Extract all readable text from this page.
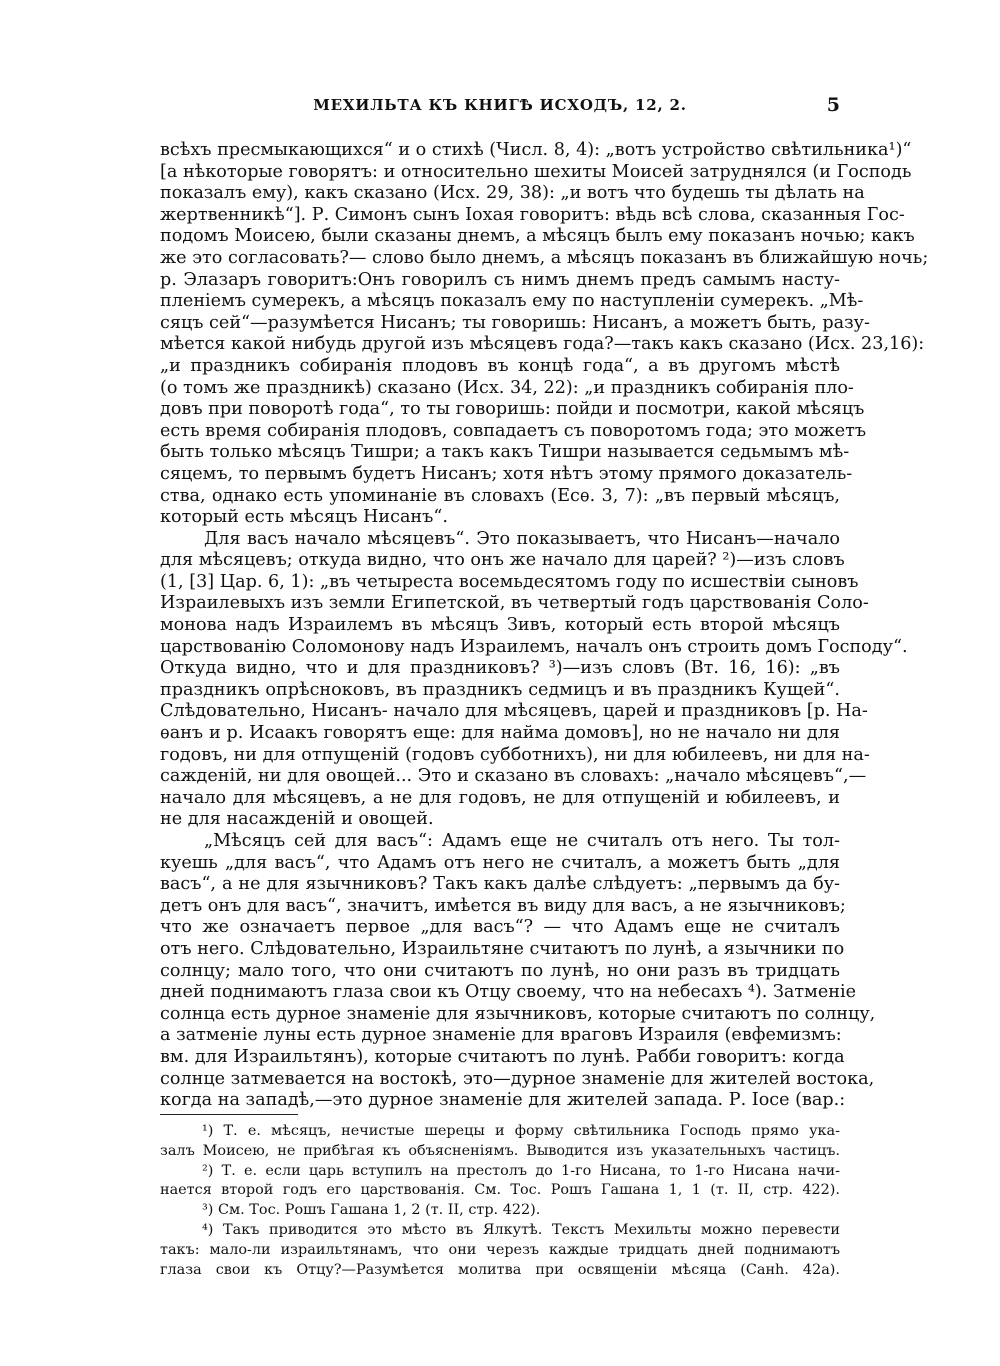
МЕХИЛЬТА КЪ КНИГѢ ИСХОДЪ, 12, 2.	5
всѣхъ пресмыкающихся“ и о стихѣ (Числ. 8, 4): „вотъ устройство свѣтильника¹)“
[а нѣкоторые говорятъ: и относительно шехиты Моисей затруднялся (и Господь
показалъ ему), какъ сказано (Исх. 29, 38): „и вотъ что будешь ты дѣлать на
жертвенникѣ“]. Р. Симонъ сынъ Іохая говоритъ: вѣдь всѣ слова, сказанныя Гос-
подомъ Моисею, были сказаны днемъ, а мѣсяцъ былъ ему показанъ ночью; какъ
же это согласовать?— слово было днемъ, а мѣсяцъ показанъ въ ближайшую ночь;
р. Элазаръ говоритъ:Онъ говорилъ съ нимъ днемъ предъ самымъ насту-
пленіемъ сумерекъ, а мѣсяцъ показалъ ему по наступленіи сумерекъ. „Мѣ-
сяцъ сей“—разумѣется Нисанъ; ты говоришь: Нисанъ, а можетъ быть, разу-
мѣется какой нибудь другой изъ мѣсяцевъ года?—такъ какъ сказано (Исх. 23,16):
„и праздникъ собиранія плодовъ въ концѣ года“, а въ другомъ мѣстѣ
(о томъ же праздникѣ) сказано (Исх. 34, 22): „и праздникъ собиранія пло-
довъ при поворотѣ года“, то ты говоришь: пойди и посмотри, какой мѣсяцъ
есть время собиранія плодовъ, совпадаетъ съ поворотомъ года; это можетъ
быть только мѣсяцъ Тишри; а такъ какъ Тишри называется седьмымъ мѣ-
сяцемъ, то первымъ будетъ Нисанъ; хотя нѣтъ этому прямого доказатель-
ства, однако есть упоминаніе въ словахъ (Есѳ. 3, 7): „въ первый мѣсяцъ,
который есть мѣсяцъ Нисанъ“.
Для васъ начало мѣсяцевъ“. Это показываетъ, что Нисанъ—начало
для мѣсяцевъ; откуда видно, что онъ же начало для царей? ²)—изъ словъ
(1, [3] Цар. 6, 1): „въ четыреста восемьдесятомъ году по исшествіи сыновъ
Израилевыхъ изъ земли Египетской, въ четвертый годъ царствованія Соло-
монова надъ Израилемъ въ мѣсяцъ Зивъ, который есть второй мѣсяцъ
царствованію Соломонову надъ Израилемъ, началъ онъ строить домъ Господу“.
Откуда видно, что и для праздниковъ? ³)—изъ словъ (Вт. 16, 16): „въ
праздникъ опрѣсноковъ, въ праздникъ седмицъ и въ праздникъ Кущей“.
Слѣдовательно, Нисанъ- начало для мѣсяцевъ, царей и праздниковъ [р. На-
ѳанъ и р. Исаакъ говорятъ еще: для найма домовъ], но не начало ни для
годовъ, ни для отпущеній (годовъ субботнихъ), ни для юбилеевъ, ни для на-
сажденій, ни для овощей... Это и сказано въ словахъ: „начало мѣсяцевъ“,—
начало для мѣсяцевъ, а не для годовъ, не для отпущеній и юбилеевъ, и
не для насажденій и овощей.
„Мѣсяцъ сей для васъ“: Адамъ еще не считалъ отъ него. Ты тол-
куешь „для васъ“, что Адамъ отъ него не считалъ, а можетъ быть „для
васъ“, а не для язычниковъ? Такъ какъ далѣе слѣдуетъ: „первымъ да бу-
детъ онъ для васъ“, значитъ, имѣется въ виду для васъ, а не язычниковъ;
что же означаетъ первое „для васъ“? — что Адамъ еще не считалъ
отъ него. Слѣдовательно, Израильтяне считаютъ по лунѣ, а язычники по
солнцу; мало того, что они считаютъ по лунѣ, но они разъ въ тридцать
дней поднимаютъ глаза свои къ Отцу своему, что на небесахъ ⁴). Затменіе
солнца есть дурное знаменіе для язычниковъ, которые считаютъ по солнцу,
а затменіе луны есть дурное знаменіе для враговъ Израиля (евфемизмъ:
вм. для Израильтянъ), которые считаютъ по лунѣ. Рабби говоритъ: когда
солнце затмевается на востокѣ, это—дурное знаменіе для жителей востока,
когда на западѣ,—это дурное знаменіе для жителей запада. Р. Іосе (вар.:
¹) Т. е. мѣсяцъ, нечистые шерецы и форму свѣтильника Господь прямо ука-
залъ Моисею, не прибѣгая къ объясненіямъ. Выводится изъ указательныхъ частицъ.
²) Т. е. если царь вступилъ на престолъ до 1-го Нисана, то 1-го Нисана начи-
нается второй годъ его царствованія. См. Тос. Рошъ Гашана 1, 1 (т. II, стр. 422).
³) См. Тос. Рошъ Гашана 1, 2 (т. II, стр. 422).
⁴) Такъ приводится это мѣсто въ Ялкутѣ. Текстъ Мехильты можно перевести
такъ: мало-ли израильтянамъ, что они черезъ каждые тридцать дней поднимаютъ
глаза свои къ Отцу?—Разумѣется молитва при освященіи мѣсяца (Санh. 42а).
